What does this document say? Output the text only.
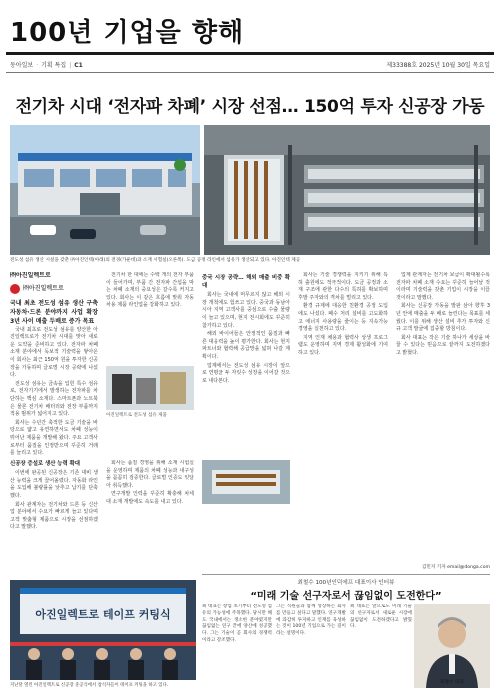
100년 기업을 향해
동아일보 · 기획 특집 | C1	제33388호 2025년 10월 30일 목요일
전기차 시대 ‘전자파 차폐’ 시장 선점… 150억 투자 신공장 가동
전도성 섬유 생산 시설을 갖춘 ㈜아진인텍(아래)의 전경(가운데)과 소재 시험실(오른쪽). 도금 공정 라인에서 섬유가 생산되고 있다. 아진인텍 제공
㈜아진일렉트로
㈜아진일렉트로

국내 최초 전도성 섬유 생산 구축 자동차·드론 분야까지 사업 확장 3년 사이 매출 두배로 증가 목표

국내 최초로 전도성 섬유를 양산한 아진일렉트로가 전기차 시대를 맞아 새로운 도약을 준비하고 있다. 전자파 차폐 소재 분야에서 독보적 기술력을 쌓아온 이 회사는 최근 150억 원을 투자한 신공장을 가동하며 글로벌 시장 공략에 나섰다.

전도성 섬유는 금속을 입힌 특수 섬유로, 전자기기에서 발생하는 전자파를 차단하는 핵심 소재다. 스마트폰과 노트북은 물론 전기차 배터리와 전장 부품까지 적용 범위가 넓어지고 있다.

회사는 수년간 축적한 도금 기술을 바탕으로 얇고 유연하면서도 차폐 성능이 뛰어난 제품을 개발해 왔다. 주요 고객사로부터 품질을 인정받으며 꾸준히 거래를 늘리고 있다.

신공장 증설로 생산 능력 확대

이번에 완공된 신공장은 기존 대비 생산 능력을 크게 끌어올렸다. 자동화 라인을 도입해 불량률을 낮추고 납기를 단축했다.

회사 관계자는 전기차와 드론 등 신산업 분야에서 수요가 빠르게 늘고 있다며 고객 맞춤형 제품으로 시장을 선점하겠다고 말했다.

전기차 한 대에는 수백 개의 전자 부품이 들어가며, 부품 간 전자파 간섭을 막는 차폐 소재의 중요성은 갈수록 커지고 있다. 회사는 이 같은 흐름에 맞춰 자동차용 제품 라인업을 강화하고 있다.

아진일렉트로 전도성 섬유 제품

회사는 품질 경영을 위해 소재 시험실을 운영하며 제품의 차폐 성능과 내구성을 꼼꼼히 검증한다. 글로벌 인증도 잇달아 취득했다.

연구개발 인력을 꾸준히 확충해 차세대 소재 개발에도 속도를 내고 있다.

중국 시장 공략… 해외 매출 비중 확대

회사는 국내에 머무르지 않고 해외 시장 개척에도 힘쓰고 있다. 중국과 동남아시아 지역 고객사를 중심으로 수출 물량이 늘고 있으며, 현지 전시회에도 꾸준히 참가하고 있다.

해외 바이어들은 안정적인 품질과 빠른 대응력을 높이 평가한다. 회사는 현지 파트너와 협력해 공급망을 넓혀 나갈 계획이다.

업계에서는 전도성 섬유 시장이 앞으로 연평균 두 자릿수 성장을 이어갈 것으로 내다본다.

회사는 기술 경쟁력을 지키기 위해 특허 출원에도 적극적이다. 도금 공정과 소재 구조에 관한 다수의 특허를 확보하며 후발 주자와의 격차를 벌리고 있다.

환경 규제에 대응한 친환경 공정 도입에도 나섰다. 폐수 처리 설비를 고도화하고 에너지 사용량을 줄이는 등 지속가능 경영을 실천하고 있다.

지역 인재 채용과 협력사 상생 프로그램도 운영하며 지역 경제 활성화에 기여하고 있다.

업계 관계자는 전기차 보급이 확대될수록 전자파 차폐 소재 수요는 꾸준히 늘어날 것이라며 기술력을 갖춘 기업이 시장을 이끌 것이라고 말했다.

회사는 신공장 가동을 발판 삼아 향후 3년 안에 매출을 두 배로 늘린다는 목표를 세웠다. 이를 위해 생산 설비 추가 투자와 신규 고객 발굴에 집중할 방침이다.

회사 대표는 작은 기술 하나가 세상을 바꿀 수 있다는 믿음으로 끝까지 도전하겠다고 밝혔다.

김민지 기자 email@donga.com
최철수 100년인덕에프 대표이사 인터뷰
“미래 기술 선구자로서 끊임없이 도전한다”
최 대표는 창업 초기부터 전도성 섬유의 가능성에 주목했다. 당시만 해도 국내에서는 생소한 분야였지만 끊임없는 연구 끝에 양산에 성공했다. 그는 기술이 곧 회사의 경쟁력이라고 강조했다.
그는 직원들과 함께 성장하는 회사를 만들고 싶다고 말했다. 연구개발에 과감히 투자하고 인재를 육성하는 것이 100년 기업으로 가는 길이라는 설명이다.
최 대표는 앞으로도 미래 기술의 선구자로서 새로운 시장에 끊임없이 도전하겠다고 밝혔다.
최철수 대표
아진일렉트로 테이프 커팅식
지난달 열린 아진일렉트로 신공장 준공식에서 참석자들이 테이프 커팅을 하고 있다.
